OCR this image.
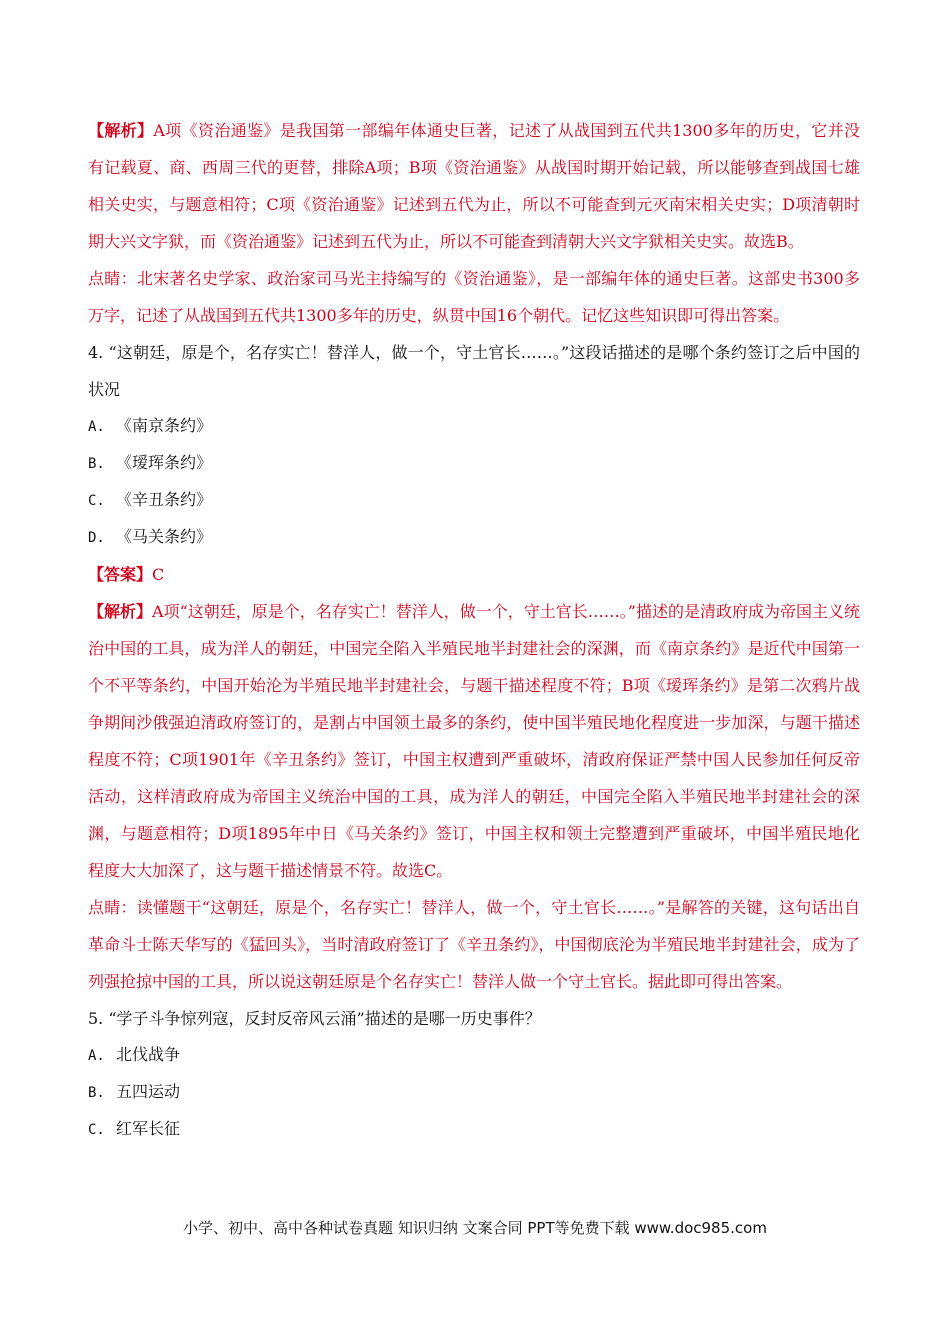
【解析】A项《资治通鉴》是我国第一部编年体通史巨著，记述了从战国到五代共1300多年的历史，它并没有记载夏、商、西周三代的更替，排除A项；B项《资治通鉴》从战国时期开始记载，所以能够查到战国七雄相关史实，与题意相符；C项《资治通鉴》记述到五代为止，所以不可能查到元灭南宋相关史实；D项清朝时期大兴文字狱，而《资治通鉴》记述到五代为止，所以不可能查到清朝大兴文字狱相关史实。故选B。

点睛：北宋著名史学家、政治家司马光主持编写的《资治通鉴》，是一部编年体的通史巨著。这部史书300多万字，记述了从战国到五代共1300多年的历史，纵贯中国16个朝代。记忆这些知识即可得出答案。

4. “这朝廷，原是个，名存实亡！替洋人，做一个，守土官长……。”这段话描述的是哪个条约签订之后中国的状况

A. 《南京条约》

B. 《瑷珲条约》

C. 《辛丑条约》

D. 《马关条约》

【答案】C

【解析】A项“这朝廷，原是个，名存实亡！替洋人，做一个，守土官长……。”描述的是清政府成为帝国主义统治中国的工具，成为洋人的朝廷，中国完全陷入半殖民地半封建社会的深渊，而《南京条约》是近代中国第一个不平等条约，中国开始沦为半殖民地半封建社会，与题干描述程度不符；B项《瑷珲条约》是第二次鸦片战争期间沙俄强迫清政府签订的，是割占中国领土最多的条约，使中国半殖民地化程度进一步加深，与题干描述程度不符；C项1901年《辛丑条约》签订，中国主权遭到严重破坏，清政府保证严禁中国人民参加任何反帝活动，这样清政府成为帝国主义统治中国的工具，成为洋人的朝廷，中国完全陷入半殖民地半封建社会的深渊，与题意相符；D项1895年中日《马关条约》签订，中国主权和领土完整遭到严重破坏，中国半殖民地化程度大大加深了，这与题干描述情景不符。故选C。

点睛：读懂题干“这朝廷，原是个，名存实亡！替洋人，做一个，守土官长……。”是解答的关键，这句话出自革命斗士陈天华写的《猛回头》，当时清政府签订了《辛丑条约》，中国彻底沦为半殖民地半封建社会，成为了列强抢掠中国的工具，所以说这朝廷原是个名存实亡！替洋人做一个守土官长。据此即可得出答案。

5. “学子斗争惊列寇，反封反帝风云涌”描述的是哪一历史事件？

A. 北伐战争

B. 五四运动

C. 红军长征

小学、初中、高中各种试卷真题 知识归纳 文案合同 PPT等免费下载 www.doc985.com
